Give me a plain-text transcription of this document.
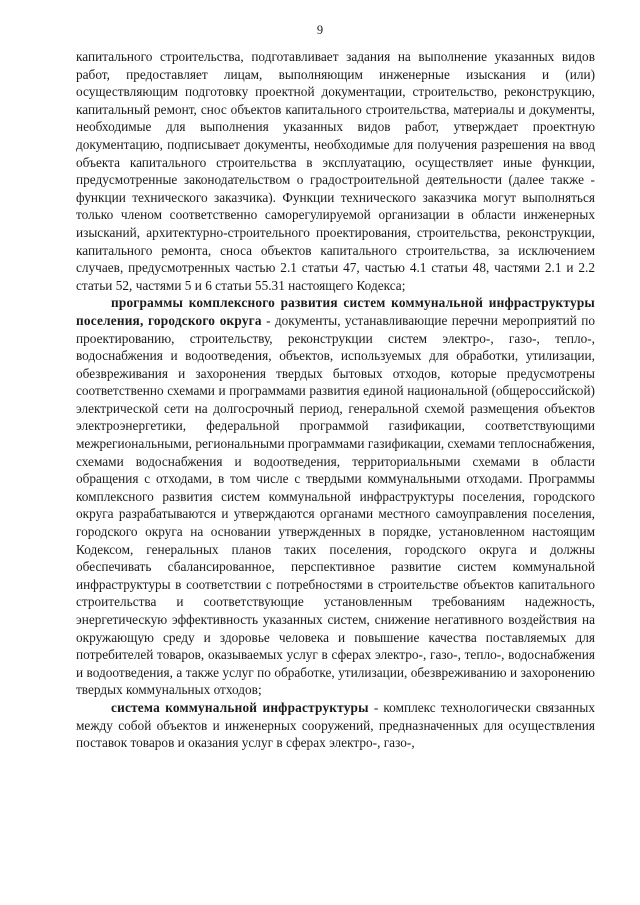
9

капитального строительства, подготавливает задания на выполнение указанных видов работ, предоставляет лицам, выполняющим инженерные изыскания и (или) осуществляющим подготовку проектной документации, строительство, реконструкцию, капитальный ремонт, снос объектов капитального строительства, материалы и документы, необходимые для выполнения указанных видов работ, утверждает проектную документацию, подписывает документы, необходимые для получения разрешения на ввод объекта капитального строительства в эксплуатацию, осуществляет иные функции, предусмотренные законодательством о градостроительной деятельности (далее также - функции технического заказчика). Функции технического заказчика могут выполняться только членом соответственно саморегулируемой организации в области инженерных изысканий, архитектурно-строительного проектирования, строительства, реконструкции, капитального ремонта, сноса объектов капитального строительства, за исключением случаев, предусмотренных частью 2.1 статьи 47, частью 4.1 статьи 48, частями 2.1 и 2.2 статьи 52, частями 5 и 6 статьи 55.31 настоящего Кодекса;

программы комплексного развития систем коммунальной инфраструктуры поселения, городского округа - документы, устанавливающие перечни мероприятий по проектированию, строительству, реконструкции систем электро-, газо-, тепло-, водоснабжения и водоотведения, объектов, используемых для обработки, утилизации, обезвреживания и захоронения твердых бытовых отходов, которые предусмотрены соответственно схемами и программами развития единой национальной (общероссийской) электрической сети на долгосрочный период, генеральной схемой размещения объектов электроэнергетики, федеральной программой газификации, соответствующими межрегиональными, региональными программами газификации, схемами теплоснабжения, схемами водоснабжения и водоотведения, территориальными схемами в области обращения с отходами, в том числе с твердыми коммунальными отходами. Программы комплексного развития систем коммунальной инфраструктуры поселения, городского округа разрабатываются и утверждаются органами местного самоуправления поселения, городского округа на основании утвержденных в порядке, установленном настоящим Кодексом, генеральных планов таких поселения, городского округа и должны обеспечивать сбалансированное, перспективное развитие систем коммунальной инфраструктуры в соответствии с потребностями в строительстве объектов капитального строительства и соответствующие установленным требованиям надежность, энергетическую эффективность указанных систем, снижение негативного воздействия на окружающую среду и здоровье человека и повышение качества поставляемых для потребителей товаров, оказываемых услуг в сферах электро-, газо-, тепло-, водоснабжения и водоотведения, а также услуг по обработке, утилизации, обезвреживанию и захоронению твердых коммунальных отходов;

система коммунальной инфраструктуры - комплекс технологически связанных между собой объектов и инженерных сооружений, предназначенных для осуществления поставок товаров и оказания услуг в сферах электро-, газо-,
